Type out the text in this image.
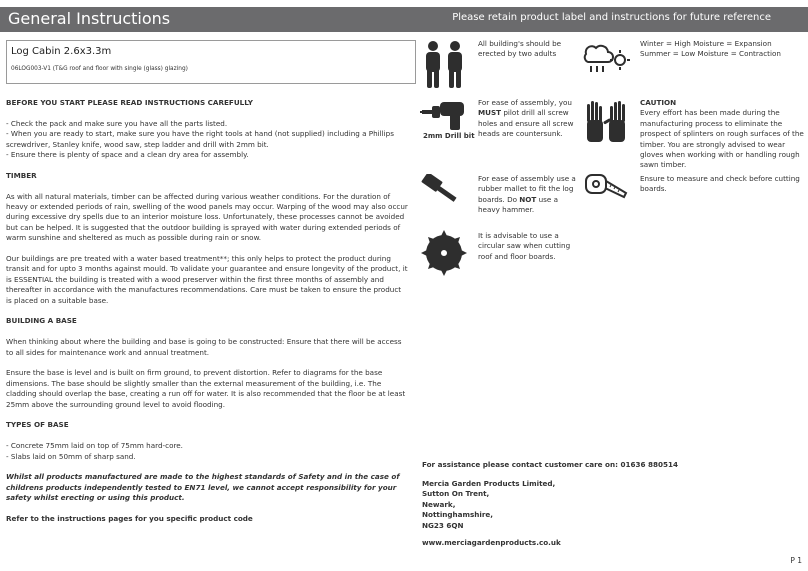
General Instructions	Please retain product label and instructions for future reference
Log Cabin 2.6x3.3m
06LOG003-V1 (T&G roof and floor with single (glass) glazing)

BEFORE YOU START PLEASE READ INSTRUCTIONS CAREFULLY

- Check the pack and make sure you have all the parts listed.

- When you are ready to start, make sure you have the right tools at hand (not supplied) including a Phillips screwdriver, Stanley knife, wood saw, step ladder and drill with 2mm bit.

- Ensure there is plenty of space and a clean dry area for assembly.

TIMBER

As with all natural materials, timber can be affected during various weather conditions. For the duration of heavy or extended periods of rain, swelling of the wood panels may occur. Warping of the wood may also occur during excessive dry spells due to an interior moisture loss. Unfortunately, these processes cannot be avoided but can be helped. It is suggested that the outdoor building is sprayed with water during extended periods of warm sunshine and sheltered as much as possible during rain or snow.

Our buildings are pre treated with a water based treatment**; this only helps to protect the product during transit and for upto 3 months against mould. To validate your guarantee and ensure longevity of the product, it is ESSENTIAL the building is treated with a wood preserver within the first three months of assembly and thereafter in accordance with the manufactures recommendations. Care must be taken to ensure the product is placed on a suitable base.

BUILDING A BASE

When thinking about where the building and base is going to be constructed: Ensure that there will be access to all sides for maintenance work and annual treatment.

Ensure the base is level and is built on firm ground, to prevent distortion. Refer to diagrams for the base dimensions. The base should be slightly smaller than the external measurement of the building, i.e. The cladding should overlap the base, creating a run off for water. It is also recommended that the floor be at least 25mm above the surrounding ground level to avoid flooding.

TYPES OF BASE

- Concrete 75mm laid on top of 75mm hard-core.

- Slabs laid on 50mm of sharp sand.

Whilst all products manufactured are made to the highest standards of Safety and in the case of childrens products independently tested to EN71 level, we cannot accept responsibility for your safety whilst erecting or using this product.

Refer to the instructions pages for you specific product code

All building's should be erected by two adults
2mm Drill bit
For ease of assembly, you MUST pilot drill all screw holes and ensure all screw heads are countersunk.
For ease of assembly use a rubber mallet to fit the log boards. Do NOT use a heavy hammer.
It is advisable to use a circular saw when cutting roof and floor boards.
Winter = High Moisture = Expansion
Summer = Low Moisture = Contraction
CAUTION
Every effort has been made during the manufacturing process to eliminate the prospect of splinters on rough surfaces of the timber. You are strongly advised to wear gloves when working with or handling rough sawn timber.
Ensure to measure and check before cutting boards.
For assistance please contact customer care on: 01636 880514
Mercia Garden Products Limited,
Sutton On Trent,
Newark,
Nottinghamshire,
NG23 6QN
www.merciagardenproducts.co.uk
P 1
